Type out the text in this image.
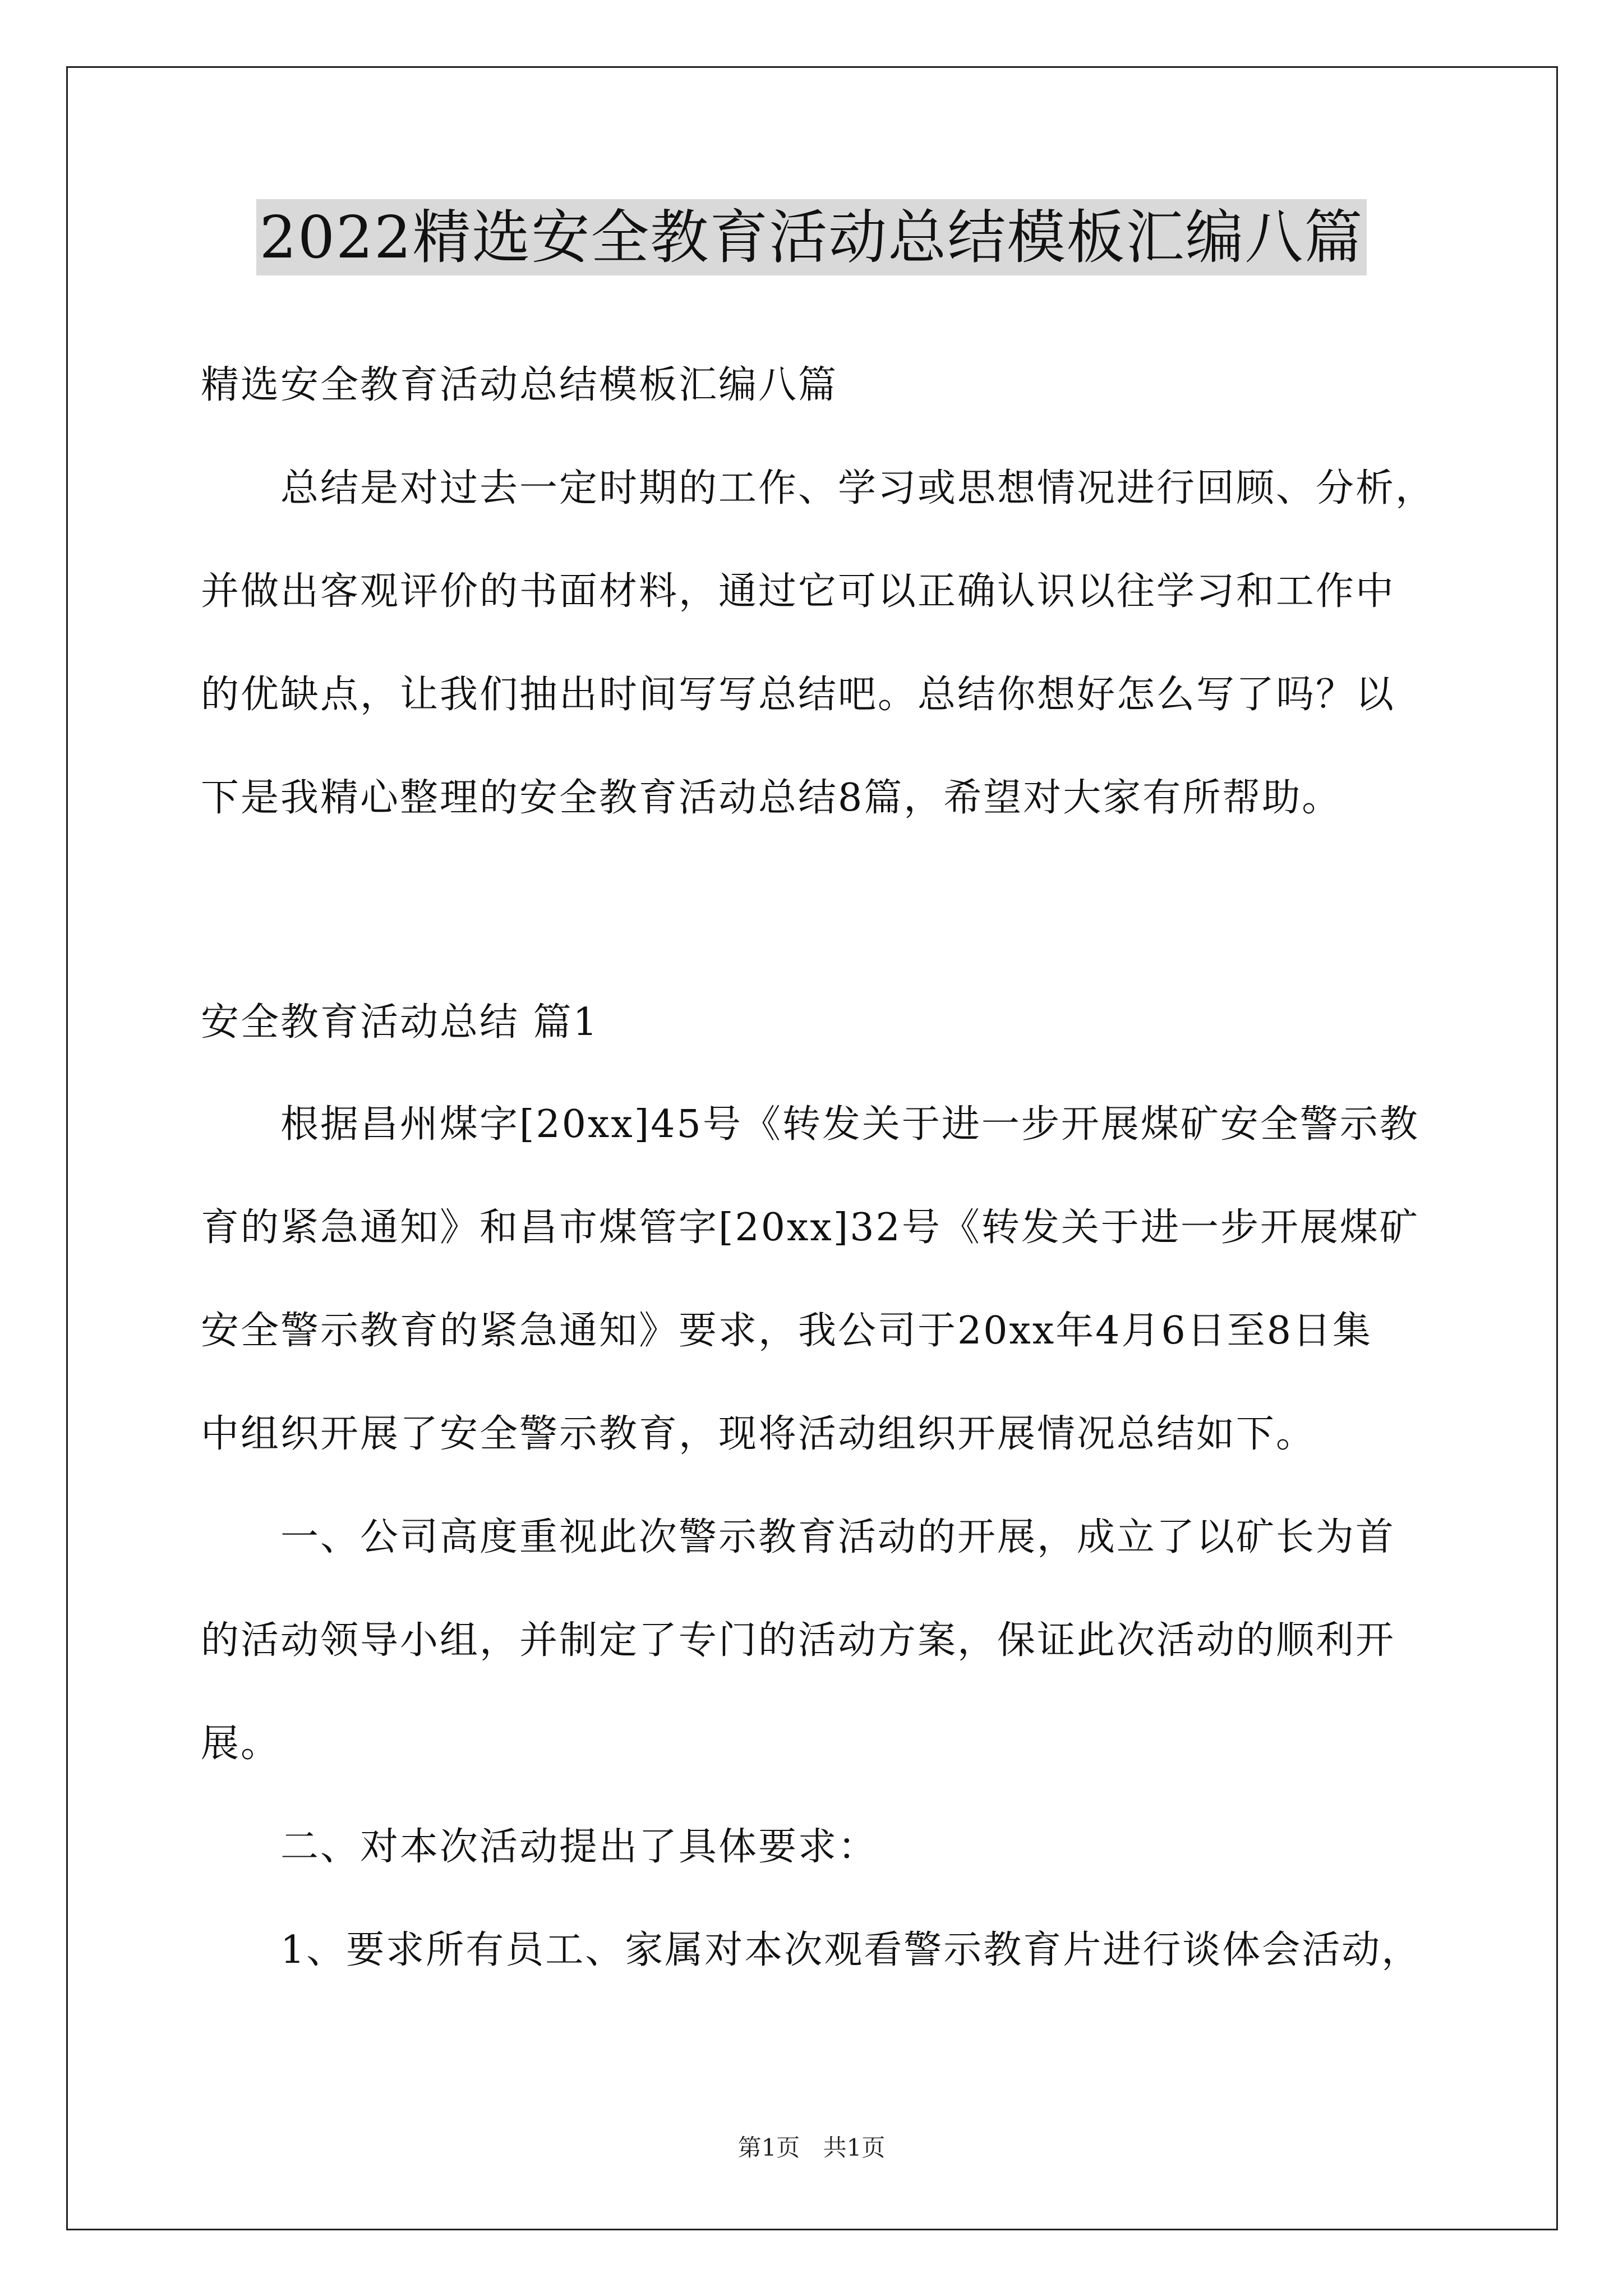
2022精选安全教育活动总结模板汇编八篇
精选安全教育活动总结模板汇编八篇
总结是对过去一定时期的工作、学习或思想情况进行回顾、分析，
并做出客观评价的书面材料，通过它可以正确认识以往学习和工作中
的优缺点，让我们抽出时间写写总结吧。总结你想好怎么写了吗？以
下是我精心整理的安全教育活动总结8篇，希望对大家有所帮助。
安全教育活动总结 篇1
根据昌州煤字[20xx]45号《转发关于进一步开展煤矿安全警示教
育的紧急通知》和昌市煤管字[20xx]32号《转发关于进一步开展煤矿
安全警示教育的紧急通知》要求，我公司于20xx年4月6日至8日集
中组织开展了安全警示教育，现将活动组织开展情况总结如下。
一、公司高度重视此次警示教育活动的开展，成立了以矿长为首
的活动领导小组，并制定了专门的活动方案，保证此次活动的顺利开
展。
二、对本次活动提出了具体要求：
1、要求所有员工、家属对本次观看警示教育片进行谈体会活动，
第1页 共1页
